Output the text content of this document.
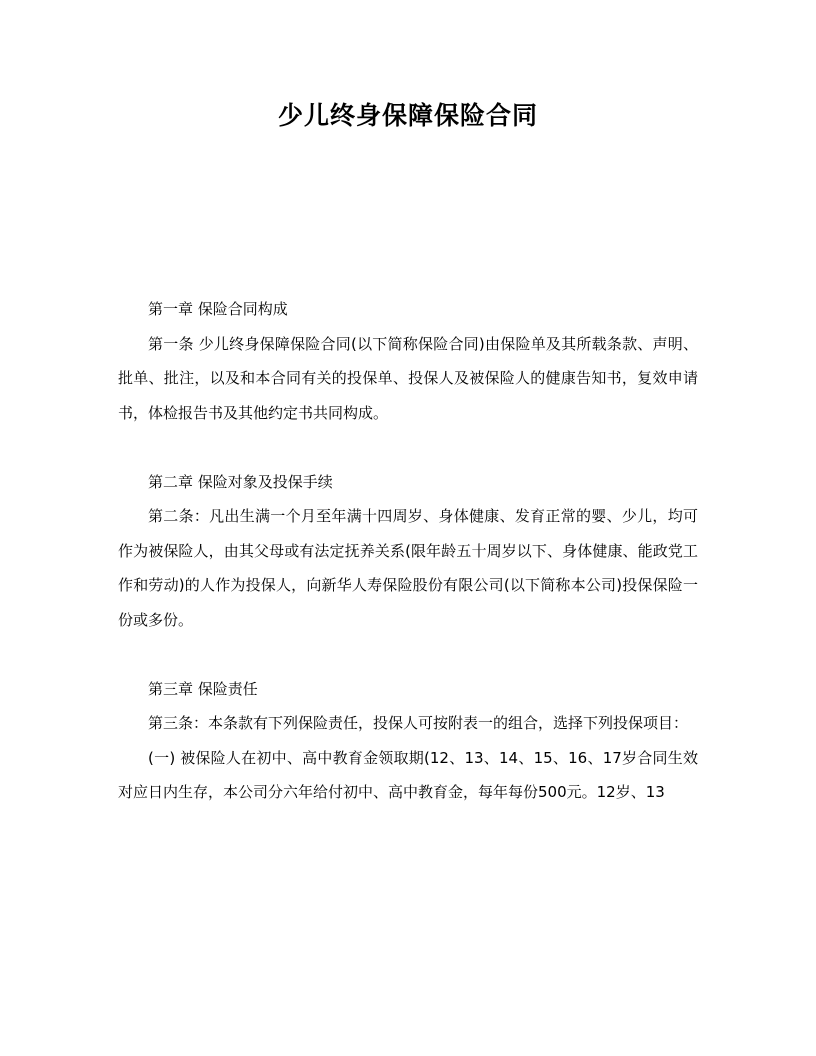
少儿终身保障保险合同

第一章 保险合同构成

第一条 少儿终身保障保险合同(以下简称保险合同)由保险单及其所载条款、声明、批单、批注，以及和本合同有关的投保单、投保人及被保险人的健康告知书，复效申请书，体检报告书及其他约定书共同构成。

第二章 保险对象及投保手续

第二条：凡出生满一个月至年满十四周岁、身体健康、发育正常的婴、少儿，均可作为被保险人，由其父母或有法定抚养关系(限年龄五十周岁以下、身体健康、能政党工作和劳动)的人作为投保人，向新华人寿保险股份有限公司(以下简称本公司)投保保险一份或多份。

第三章 保险责任

第三条：本条款有下列保险责任，投保人可按附表一的组合，选择下列投保项目：

(一) 被保险人在初中、高中教育金领取期(12、13、14、15、16、17岁合同生效对应日内生存，本公司分六年给付初中、高中教育金，每年每份500元。12岁、13
